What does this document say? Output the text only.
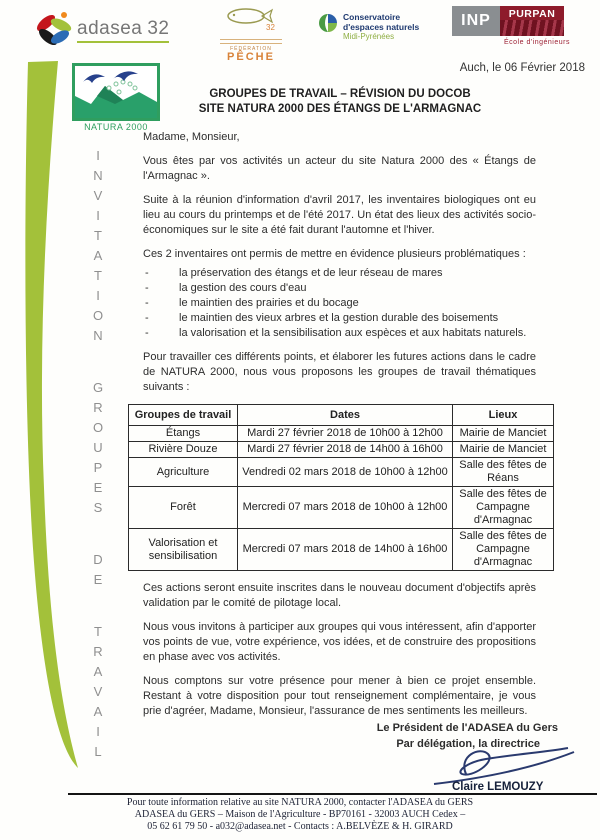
INVITATION
GROUPES
DE
TRAVAIL
adasea 32	32
FÉDÉRATION
PÊCHE
Conservatoire
d'espaces naturels
Midi-Pyrénées
INP	PURPAN
École d'ingénieurs
Auch, le 06 Février 2018
NATURA 2000
GROUPES DE TRAVAIL – RÉVISION DU DOCOB
SITE NATURA 2000 DES ÉTANGS DE L'ARMAGNAC

Madame, Monsieur,

Vous êtes par vos activités un acteur du site Natura 2000 des « Étangs de l'Armagnac ».

Suite à la réunion d'information d'avril 2017, les inventaires biologiques ont eu lieu au cours du printemps et de l'été 2017. Un état des lieux des activités socio-économiques sur le site a été fait durant l'automne et l'hiver.

Ces 2 inventaires ont permis de mettre en évidence plusieurs problématiques :

-	la préservation des étangs et de leur réseau de mares
-	la gestion des cours d'eau
-	le maintien des prairies et du bocage
-	le maintien des vieux arbres et la gestion durable des boisements
-	la valorisation et la sensibilisation aux espèces et aux habitats naturels.

Pour travailler ces différents points, et élaborer les futures actions dans le cadre de NATURA 2000, nous vous proposons les groupes de travail thématiques suivants :

Groupes de travail	Dates	Lieux
Étangs	Mardi 27 février 2018 de 10h00 à 12h00	Mairie de Manciet
Rivière Douze	Mardi 27 février 2018 de 14h00 à 16h00	Mairie de Manciet
Agriculture	Vendredi 02 mars 2018 de 10h00 à 12h00	Salle des fêtes de Réans
Forêt	Mercredi 07 mars 2018 de 10h00 à 12h00	Salle des fêtes de Campagne d'Armagnac
Valorisation et sensibilisation	Mercredi 07 mars 2018 de 14h00 à 16h00	Salle des fêtes de Campagne d'Armagnac

Ces actions seront ensuite inscrites dans le nouveau document d'objectifs après validation par le comité de pilotage local.

Nous vous invitons à participer aux groupes qui vous intéressent, afin d'apporter vos points de vue, votre expérience, vos idées, et de construire des propositions en phase avec vos activités.

Nous comptons sur votre présence pour mener à bien ce projet ensemble. Restant à votre disposition pour tout renseignement complémentaire, je vous prie d'agréer, Madame, Monsieur, l'assurance de mes sentiments les meilleurs.

Le Président de l'ADASEA du Gers
Par délégation, la directrice
Claire LEMOUZY
Pour toute information relative au site NATURA 2000, contacter l'ADASEA du GERS
ADASEA du GERS – Maison de l'Agriculture - BP70161 - 32003 AUCH Cedex –
05 62 61 79 50 - a032@adasea.net - Contacts : A.BELVÈZE & H. GIRARD
